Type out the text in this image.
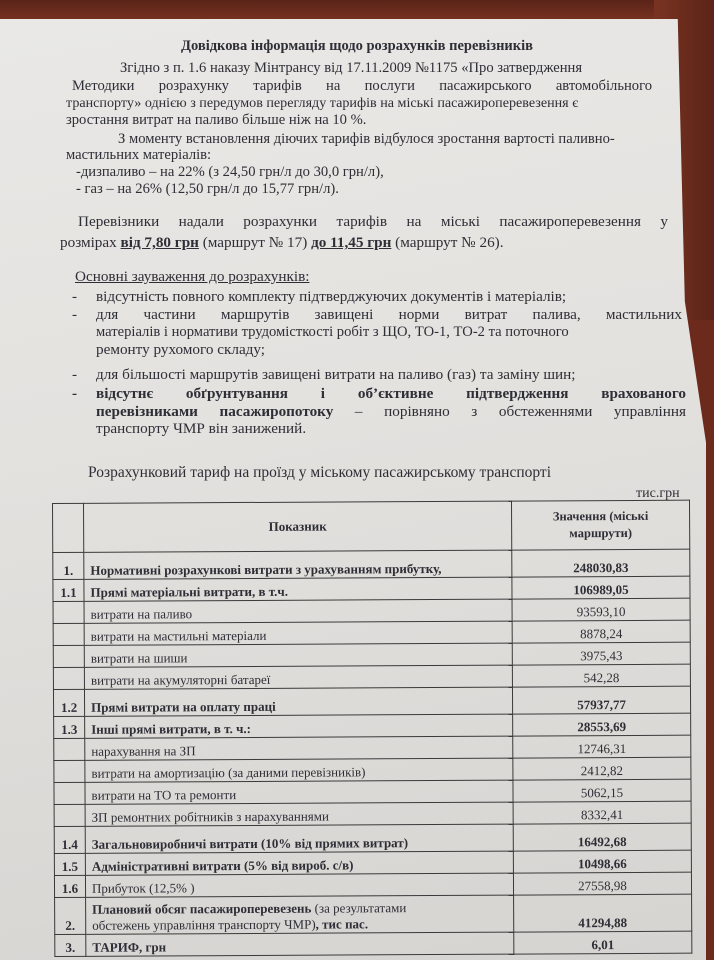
Довідкова інформація щодо розрахунків перевізників
Згідно з п. 1.6 наказу Мінтрансу від 17.11.2009 №1175 «Про затвердження
Методики розрахунку тарифів на послуги пасажирського автомобільного
транспорту» однією з передумов перегляду тарифів на міські пасажироперевезення є
зростання витрат на паливо більше ніж на 10 %.
З моменту встановлення діючих тарифів відбулося зростання вартості паливно-
мастильних матеріалів:
-дизпаливо – на 22% (з 24,50 грн/л до 30,0 грн/л),
- газ – на 26% (12,50 грн/л до 15,77 грн/л).
Перевізники надали розрахунки тарифів на міські пасажироперевезення у
розмірах від 7,80 грн (маршрут № 17) до 11,45 грн (маршрут № 26).
Основні зауваження до розрахунків:
- відсутність повного комплекту підтверджуючих документів і матеріалів;
- для частини маршрутів завищені норми витрат палива, мастильних
матеріалів і нормативи трудомісткості робіт з ЩО, ТО-1, ТО-2 та поточного
ремонту рухомого складу;
- для більшості маршрутів завищені витрати на паливо (газ) та заміну шин;
- відсутнє обґрунтування і об’єктивне підтвердження врахованого
перевізниками пасажиропотоку – порівняно з обстеженнями управління
транспорту ЧМР він занижений.
Розрахунковий тариф на проїзд у міському пасажирському транспорті
тис.грн
	Показник	Значення (міські
маршрути)

1.	Нормативні розрахункові витрати з урахуванням прибутку,	248030,83
1.1	Прямі матеріальні витрати, в т.ч.	106989,05
	витрати на паливо	93593,10
	витрати на мастильні матеріали	8878,24
	витрати на шиши	3975,43
	витрати на акумуляторні батареї	542,28
1.2	Прямі витрати на оплату праці	57937,77
1.3	Інші прямі витрати, в т. ч.:	28553,69
	нарахування на ЗП	12746,31
	витрати на амортизацію (за даними перевізників)	2412,82
	витрати на ТО та ремонти	5062,15
	ЗП ремонтних робітників з нарахуваннями	8332,41
1.4	Загальновиробничі витрати (10% від прямих витрат)	16492,68
1.5	Адміністративні витрати (5% від вироб. с/в)	10498,66
1.6	Прибуток (12,5% )	27558,98
2.	Плановий обсяг пасажироперевезень (за результатами
обстежень управління транспорту ЧМР), тис пас.	41294,88
3.	ТАРИФ, грн	6,01
